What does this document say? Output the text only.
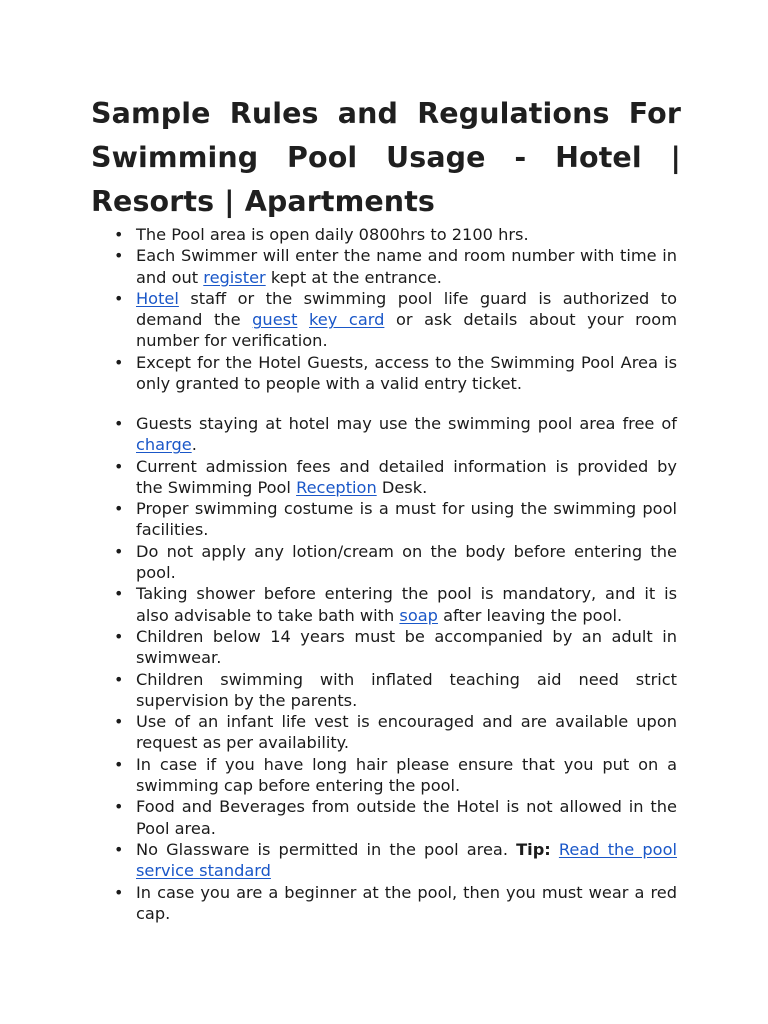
Sample Rules and Regulations For Swimming Pool Usage - Hotel | Resorts | Apartments
• The Pool area is open daily 0800hrs to 2100 hrs.
• Each Swimmer will enter the name and room number with time in and out register kept at the entrance.
• Hotel staff or the swimming pool life guard is authorized to demand the guest key card or ask details about your room number for verification.
• Except for the Hotel Guests, access to the Swimming Pool Area is only granted to people with a valid entry ticket.
• Guests staying at hotel may use the swimming pool area free of charge.
• Current admission fees and detailed information is provided by the Swimming Pool Reception Desk.
• Proper swimming costume is a must for using the swimming pool facilities.
• Do not apply any lotion/cream on the body before entering the pool.
• Taking shower before entering the pool is mandatory, and it is also advisable to take bath with soap after leaving the pool.
• Children below 14 years must be accompanied by an adult in swimwear.
• Children swimming with inflated teaching aid need strict supervision by the parents.
• Use of an infant life vest is encouraged and are available upon request as per availability.
• In case if you have long hair please ensure that you put on a swimming cap before entering the pool.
• Food and Beverages from outside the Hotel is not allowed in the Pool area.
• No Glassware is permitted in the pool area. Tip: Read the pool service standard
• In case you are a beginner at the pool, then you must wear a red cap.
